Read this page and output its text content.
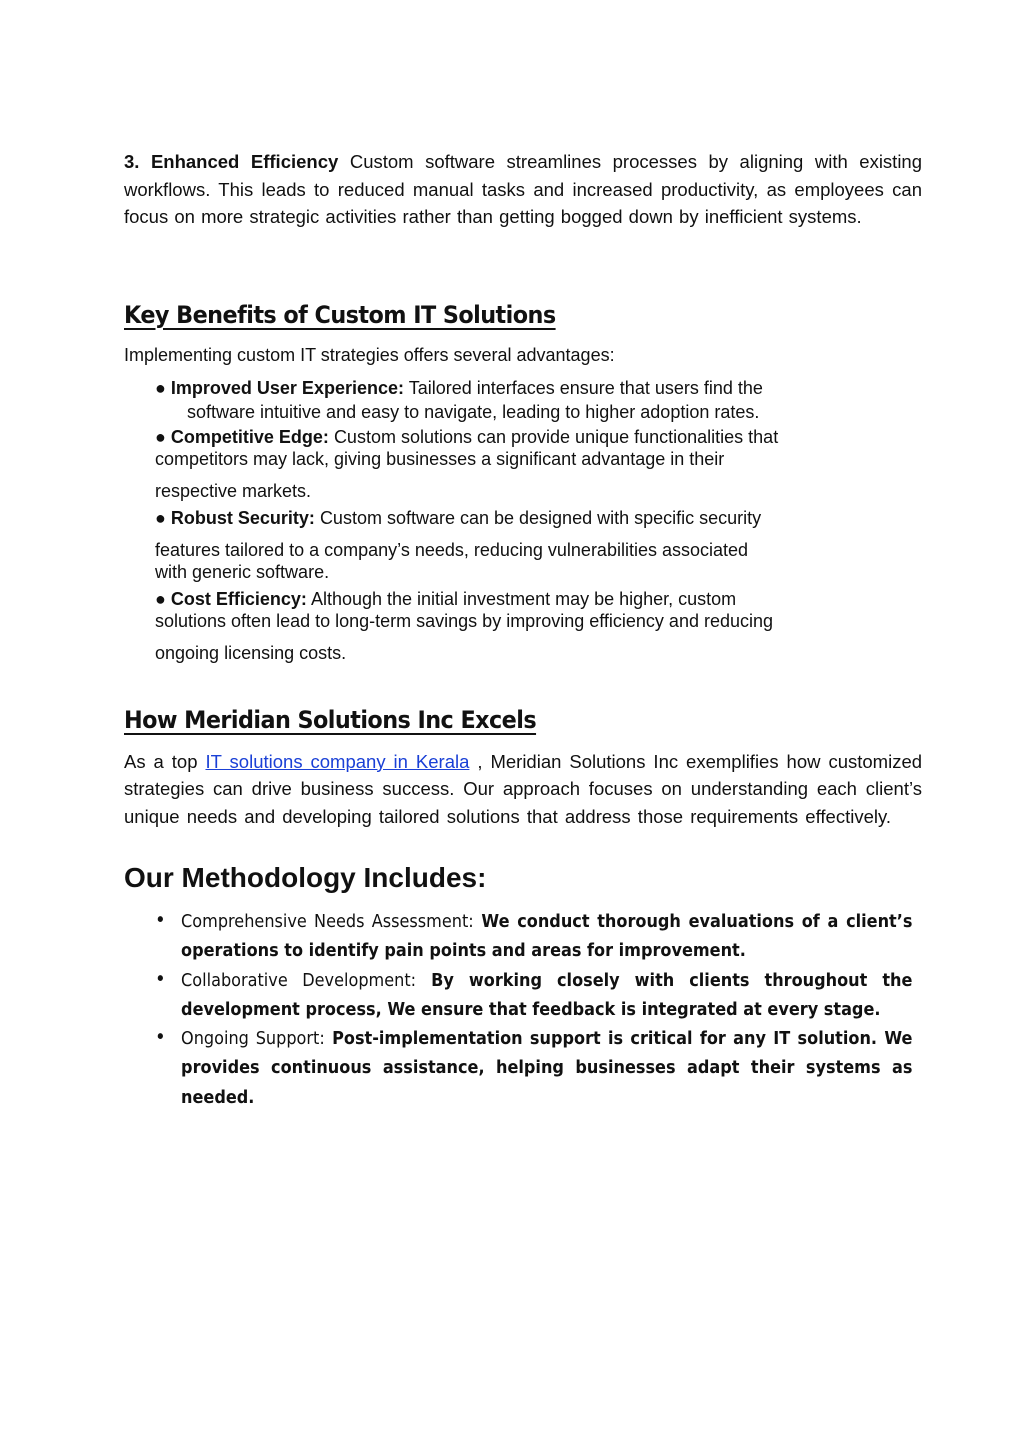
3. Enhanced Efficiency Custom software streamlines processes by aligning with existing workflows. This leads to reduced manual tasks and increased productivity, as employees can focus on more strategic activities rather than getting bogged down by inefficient systems.

Key Benefits of Custom IT Solutions

Implementing custom IT strategies offers several advantages:

● Improved User Experience: Tailored interfaces ensure that users find the
software intuitive and easy to navigate, leading to higher adoption rates.
● Competitive Edge: Custom solutions can provide unique functionalities that
competitors may lack, giving businesses a significant advantage in their
respective markets.
● Robust Security: Custom software can be designed with specific security
features tailored to a company’s needs, reducing vulnerabilities associated
with generic software.
● Cost Efficiency: Although the initial investment may be higher, custom
solutions often lead to long-term savings by improving efficiency and reducing
ongoing licensing costs.
How Meridian Solutions Inc Excels

As a top IT solutions company in Kerala , Meridian Solutions Inc exemplifies how customized strategies can drive business success. Our approach focuses on understanding each client’s unique needs and developing tailored solutions that address those requirements effectively.

Our Methodology Includes:
• Comprehensive Needs Assessment: We conduct thorough evaluations of a client’s operations to identify pain points and areas for improvement.
• Collaborative Development: By working closely with clients throughout the development process, We ensure that feedback is integrated at every stage.
• Ongoing Support: Post-implementation support is critical for any IT solution. We provides continuous assistance, helping businesses adapt their systems as needed.
